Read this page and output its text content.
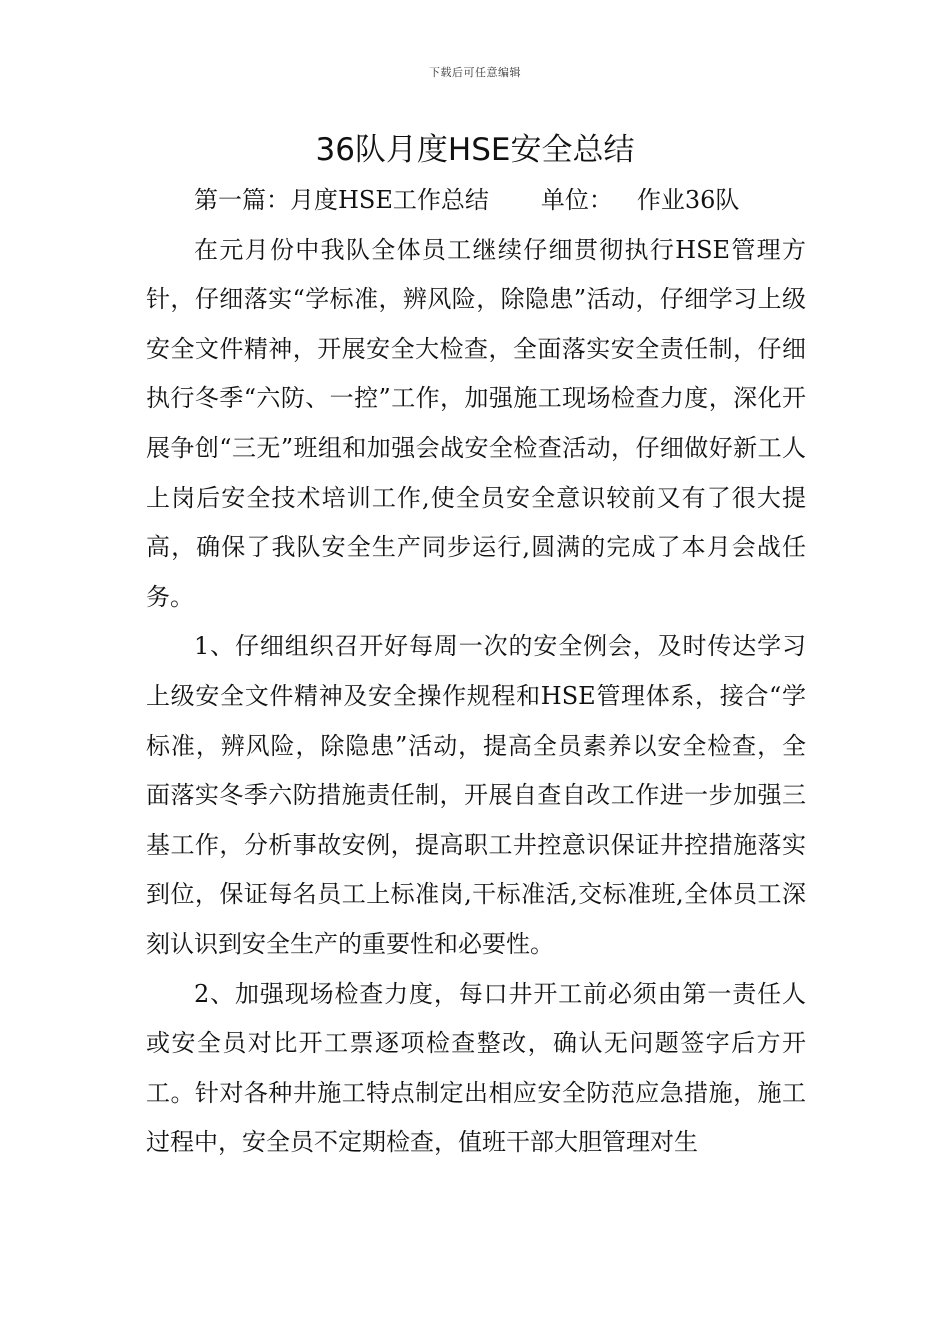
下载后可任意编辑
36队月度HSE安全总结

第一篇：月度HSE工作总结 单位： 作业36队

在元月份中我队全体员工继续仔细贯彻执行HSE管理方针，仔细落实“学标准，辨风险，除隐患”活动，仔细学习上级安全文件精神，开展安全大检查，全面落实安全责任制，仔细执行冬季“六防、一控”工作，加强施工现场检查力度，深化开展争创“三无”班组和加强会战安全检查活动，仔细做好新工人上岗后安全技术培训工作,使全员安全意识较前又有了很大提高，确保了我队安全生产同步运行,圆满的完成了本月会战任务。

1、仔细组织召开好每周一次的安全例会，及时传达学习上级安全文件精神及安全操作规程和HSE管理体系，接合“学标准，辨风险，除隐患”活动，提高全员素养以安全检查，全面落实冬季六防措施责任制，开展自查自改工作进一步加强三基工作，分析事故安例，提高职工井控意识保证井控措施落实到位，保证每名员工上标准岗,干标准活,交标准班,全体员工深刻认识到安全生产的重要性和必要性。

2、加强现场检查力度，每口井开工前必须由第一责任人或安全员对比开工票逐项检查整改，确认无问题签字后方开工。针对各种井施工特点制定出相应安全防范应急措施，施工过程中，安全员不定期检查，值班干部大胆管理对生
